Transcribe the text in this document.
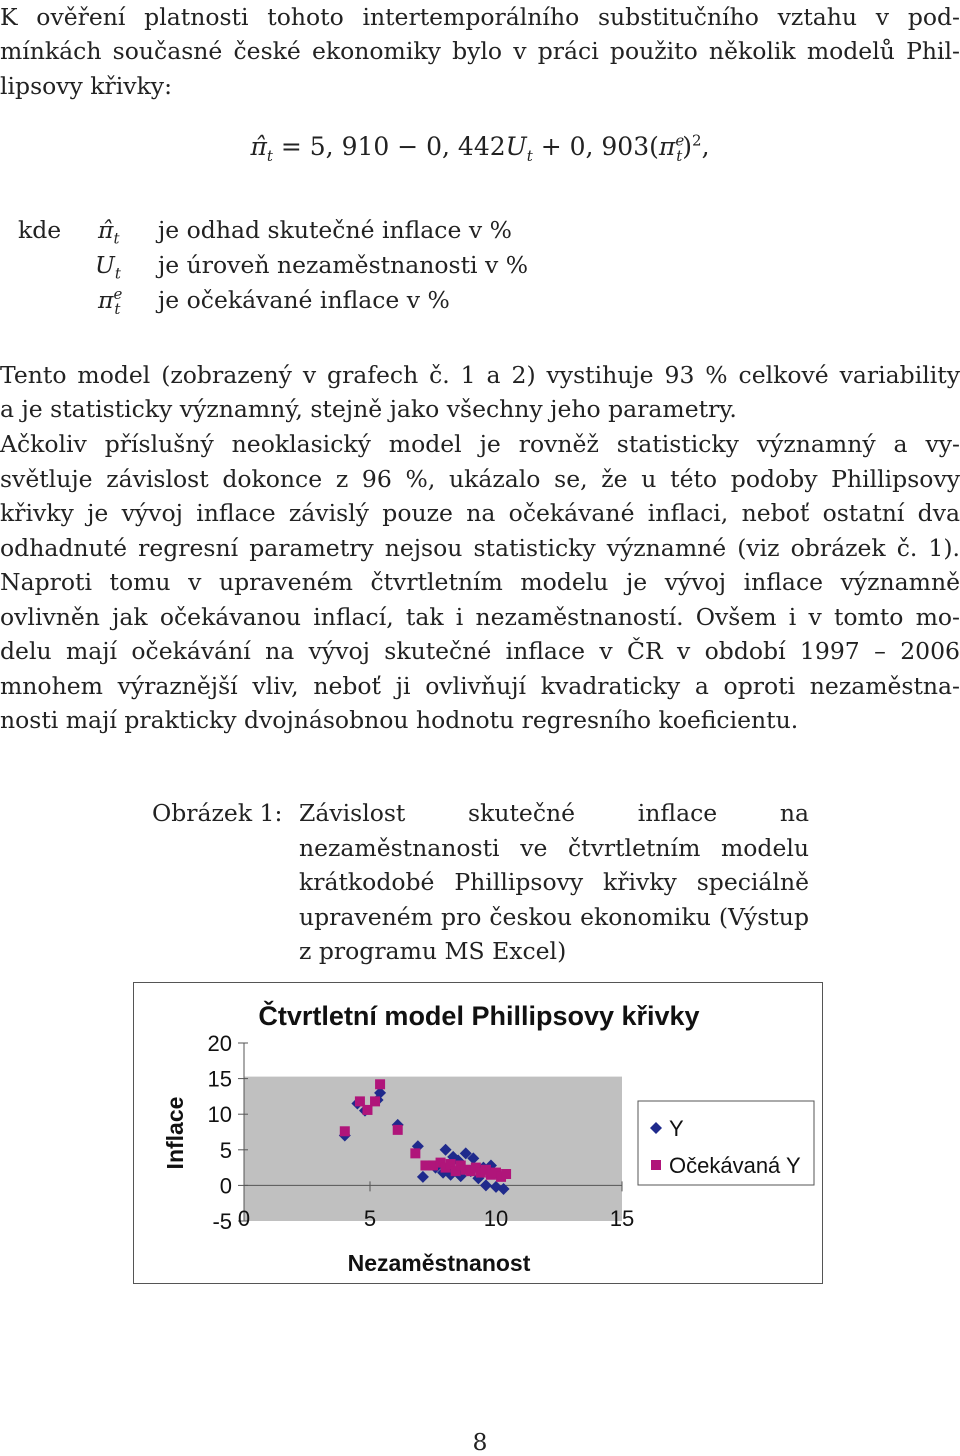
K ověření platnosti tohoto intertemporálního substitučního vztahu v pod-

mínkách současné české ekonomiky bylo v práci použito několik modelů Phil-

lipsovy křivky:

$\pî_t = 5$, 910 − 0, $442U_t + 0$, $903(\pi^e_t)^2$,
kde $\pî_t$ je odhad skutečné inflace v %
$U_t$ je úroveň nezaměstnanosti v %
$\pi^e_t$ je očekávané inflace v %

Tento model (zobrazený v grafech č. 1 a 2) vystihuje 93 % celkové variability

a je statisticky významný, stejně jako všechny jeho parametry.

Ačkoliv příslušný neoklasický model je rovněž statisticky významný a vy-

světluje závislost dokonce z 96 %, ukázalo se, že u této podoby Phillipsovy

křivky je vývoj inflace závislý pouze na očekávané inflaci, neboť ostatní dva

odhadnuté regresní parametry nejsou statisticky významné (viz obrázek č. 1).

Naproti tomu v upraveném čtvrtletním modelu je vývoj inflace významně

ovlivněn jak očekávanou inflací, tak i nezaměstnaností. Ovšem i v tomto mo-

delu mají očekávání na vývoj skutečné inflace v ČR v období 1997 – 2006

mnohem výraznější vliv, neboť ji ovlivňují kvadraticky a oproti nezaměstna-

nosti mají prakticky dvojnásobnou hodnotu regresního koeficientu.

Obrázek 1: Závislost skutečné inflace na nezaměstnanosti ve čtvrtletním modelu krátkodobé Phillipsovy křivky speciálně upraveném pro českou ekonomiku (Výstup z programu MS Excel)
Čtvrtletní model Phillipsovy křivky
20
15
10
5
0
-5 0	5	10	15
Nezaměstnanost
Inflace	Y
Očekávaná Y
8
